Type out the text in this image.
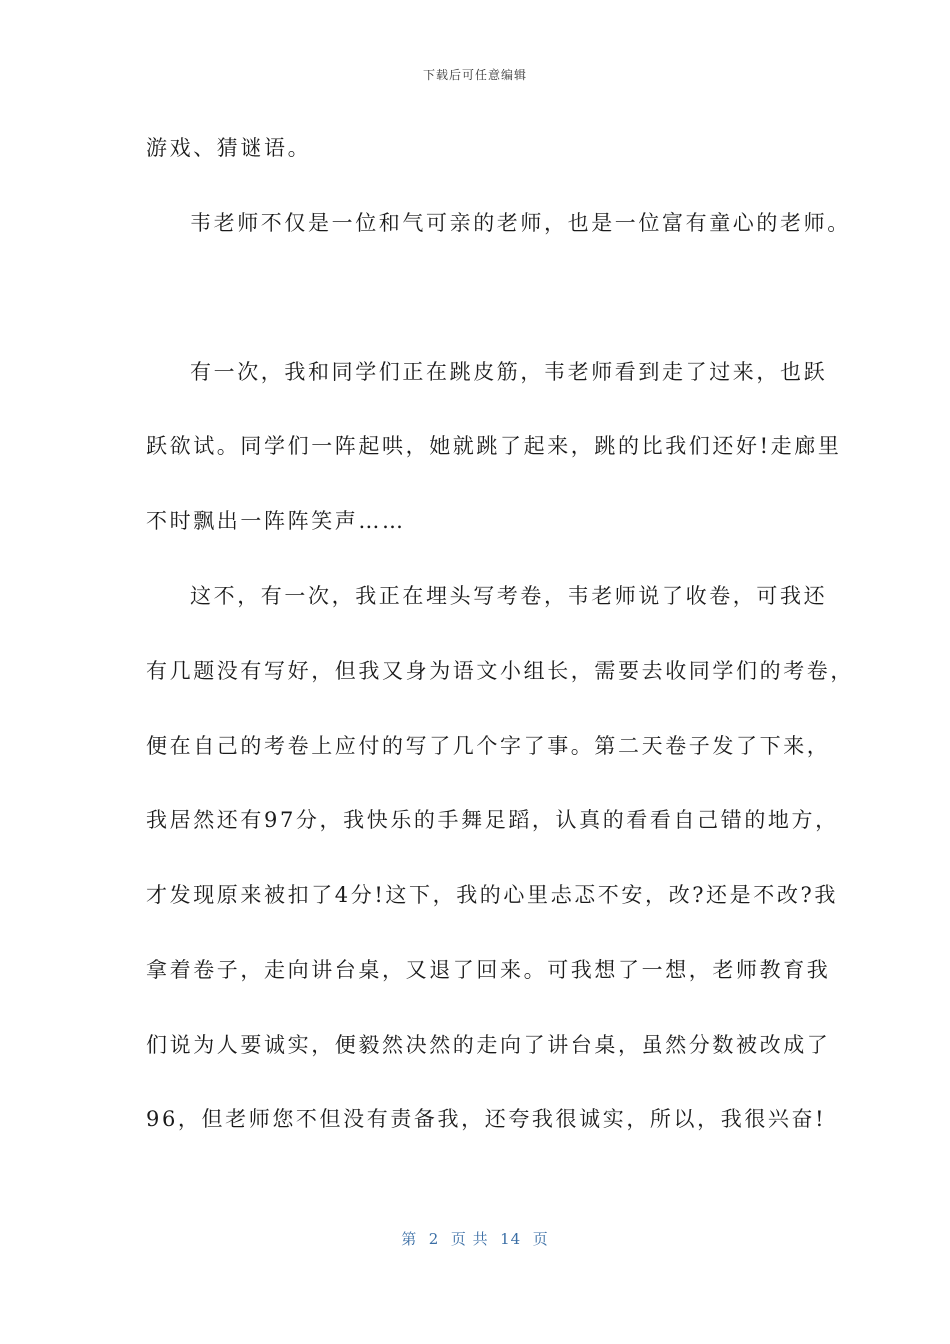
下载后可任意编辑
游戏、猜谜语。
韦老师不仅是一位和气可亲的老师，也是一位富有童心的老师。
有一次，我和同学们正在跳皮筋，韦老师看到走了过来，也跃
跃欲试。同学们一阵起哄，她就跳了起来，跳的比我们还好!走廊里
不时飘出一阵阵笑声……
这不，有一次，我正在埋头写考卷，韦老师说了收卷，可我还
有几题没有写好，但我又身为语文小组长，需要去收同学们的考卷，
便在自己的考卷上应付的写了几个字了事。第二天卷子发了下来，
我居然还有97分，我快乐的手舞足蹈，认真的看看自己错的地方，
才发现原来被扣了4分!这下，我的心里忐忑不安，改?还是不改?我
拿着卷子，走向讲台桌，又退了回来。可我想了一想，老师教育我
们说为人要诚实，便毅然决然的走向了讲台桌，虽然分数被改成了
96，但老师您不但没有责备我，还夸我很诚实，所以，我很兴奋!
第  2  页 共  14  页
